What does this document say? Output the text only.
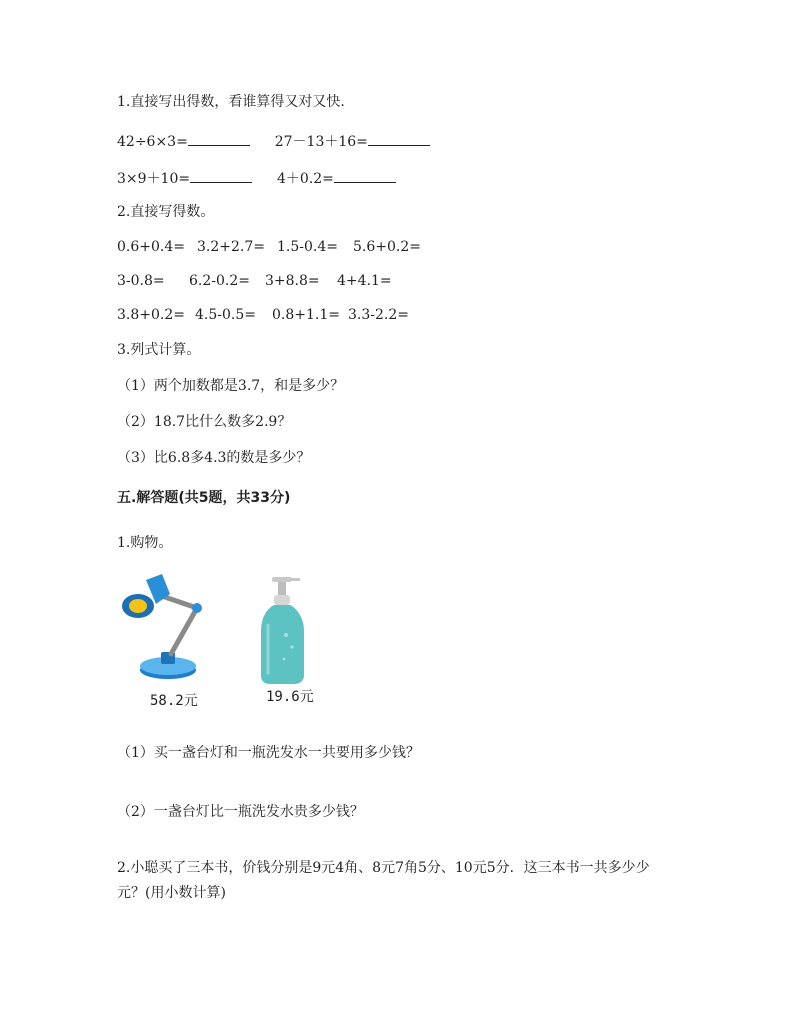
1.直接写出得数，看谁算得又对又快.
42÷6×3=	27－13＋16=
3×9＋10=	4＋0.2=
2.直接写得数。
0.6+0.4= 3.2+2.7= 1.5-0.4= 5.6+0.2=
3-0.8= 6.2-0.2= 3+8.8= 4+4.1=
3.8+0.2= 4.5-0.5= 0.8+1.1= 3.3-2.2=
3.列式计算。
（1）两个加数都是3.7，和是多少？
（2）18.7比什么数多2.9？
（3）比6.8多4.3的数是多少？
五.解答题(共5题，共33分)
1.购物。
58.2元	19.6元
（1）买一盏台灯和一瓶洗发水一共要用多少钱？
（2）一盏台灯比一瓶洗发水贵多少钱？
2.小聪买了三本书，价钱分别是9元4角、8元7角5分、10元5分．这三本书一共多少少
元？(用小数计算)
